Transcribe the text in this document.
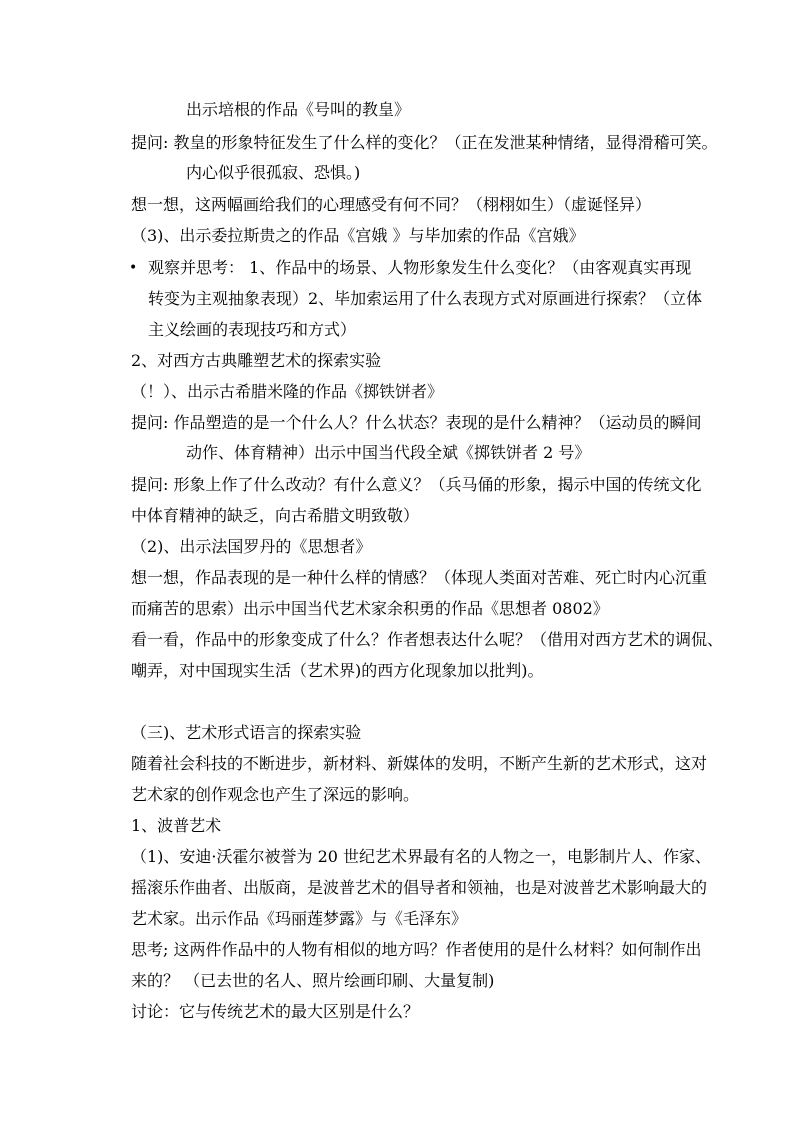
出示培根的作品《号叫的教皇》
提问: 教皇的形象特征发生了什么样的变化？（正在发泄某种情绪，显得滑稽可笑。
内心似乎很孤寂、恐惧。)
想一想，这两幅画给我们的心理感受有何不同？（栩栩如生）（虚诞怪异）
（3)、出示委拉斯贵之的作品《宫娥 》与毕加索的作品《宫娥》
• 观察并思考： 1、作品中的场景、人物形象发生什么变化？（由客观真实再现
转变为主观抽象表现）2、毕加索运用了什么表现方式对原画进行探索？（立体
主义绘画的表现技巧和方式）
2、对西方古典雕塑艺术的探索实验
（！）、出示古希腊米隆的作品《掷铁饼者》
提问: 作品塑造的是一个什么人？什么状态？表现的是什么精神？（运动员的瞬间
动作、体育精神）出示中国当代段全斌《掷铁饼者 2 号》
提问: 形象上作了什么改动？有什么意义？（兵马俑的形象，揭示中国的传统文化
中体育精神的缺乏，向古希腊文明致敬）
（2)、出示法国罗丹的《思想者》
想一想，作品表现的是一种什么样的情感？（体现人类面对苦难、死亡时内心沉重
而痛苦的思索）出示中国当代艺术家余积勇的作品《思想者 0802》
看一看，作品中的形象变成了什么？作者想表达什么呢？（借用对西方艺术的调侃、
嘲弄，对中国现实生活（艺术界)的西方化现象加以批判)。
（三)、艺术形式语言的探索实验
随着社会科技的不断进步，新材料、新媒体的发明，不断产生新的艺术形式，这对
艺术家的创作观念也产生了深远的影响。
1、波普艺术
（1)、安迪·沃霍尔被誉为 20 世纪艺术界最有名的人物之一，电影制片人、作家、
摇滚乐作曲者、出版商，是波普艺术的倡导者和领袖，也是对波普艺术影响最大的
艺术家。出示作品《玛丽莲梦露》与《毛泽东》
思考; 这两件作品中的人物有相似的地方吗？作者使用的是什么材料？如何制作出
来的？ （已去世的名人、照片绘画印刷、大量复制)
讨论：它与传统艺术的最大区别是什么？
